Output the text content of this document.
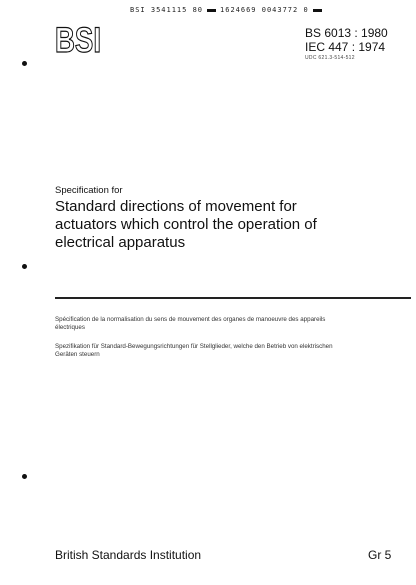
BSI 3541115 80 1624669 0043772 0
BSI	BS 6013 : 1980
IEC 447 : 1974
UDC 621.3-514-512
Specification for
Standard directions of movement for actuators which control the operation of electrical apparatus
Spécification de la normalisation du sens de mouvement des organes de manoeuvre des appareils électriques
Spezifikation für Standard-Bewegungsrichtungen für Stellglieder, welche den Betrieb von elektrischen Geräten steuern
British Standards Institution	Gr 5
